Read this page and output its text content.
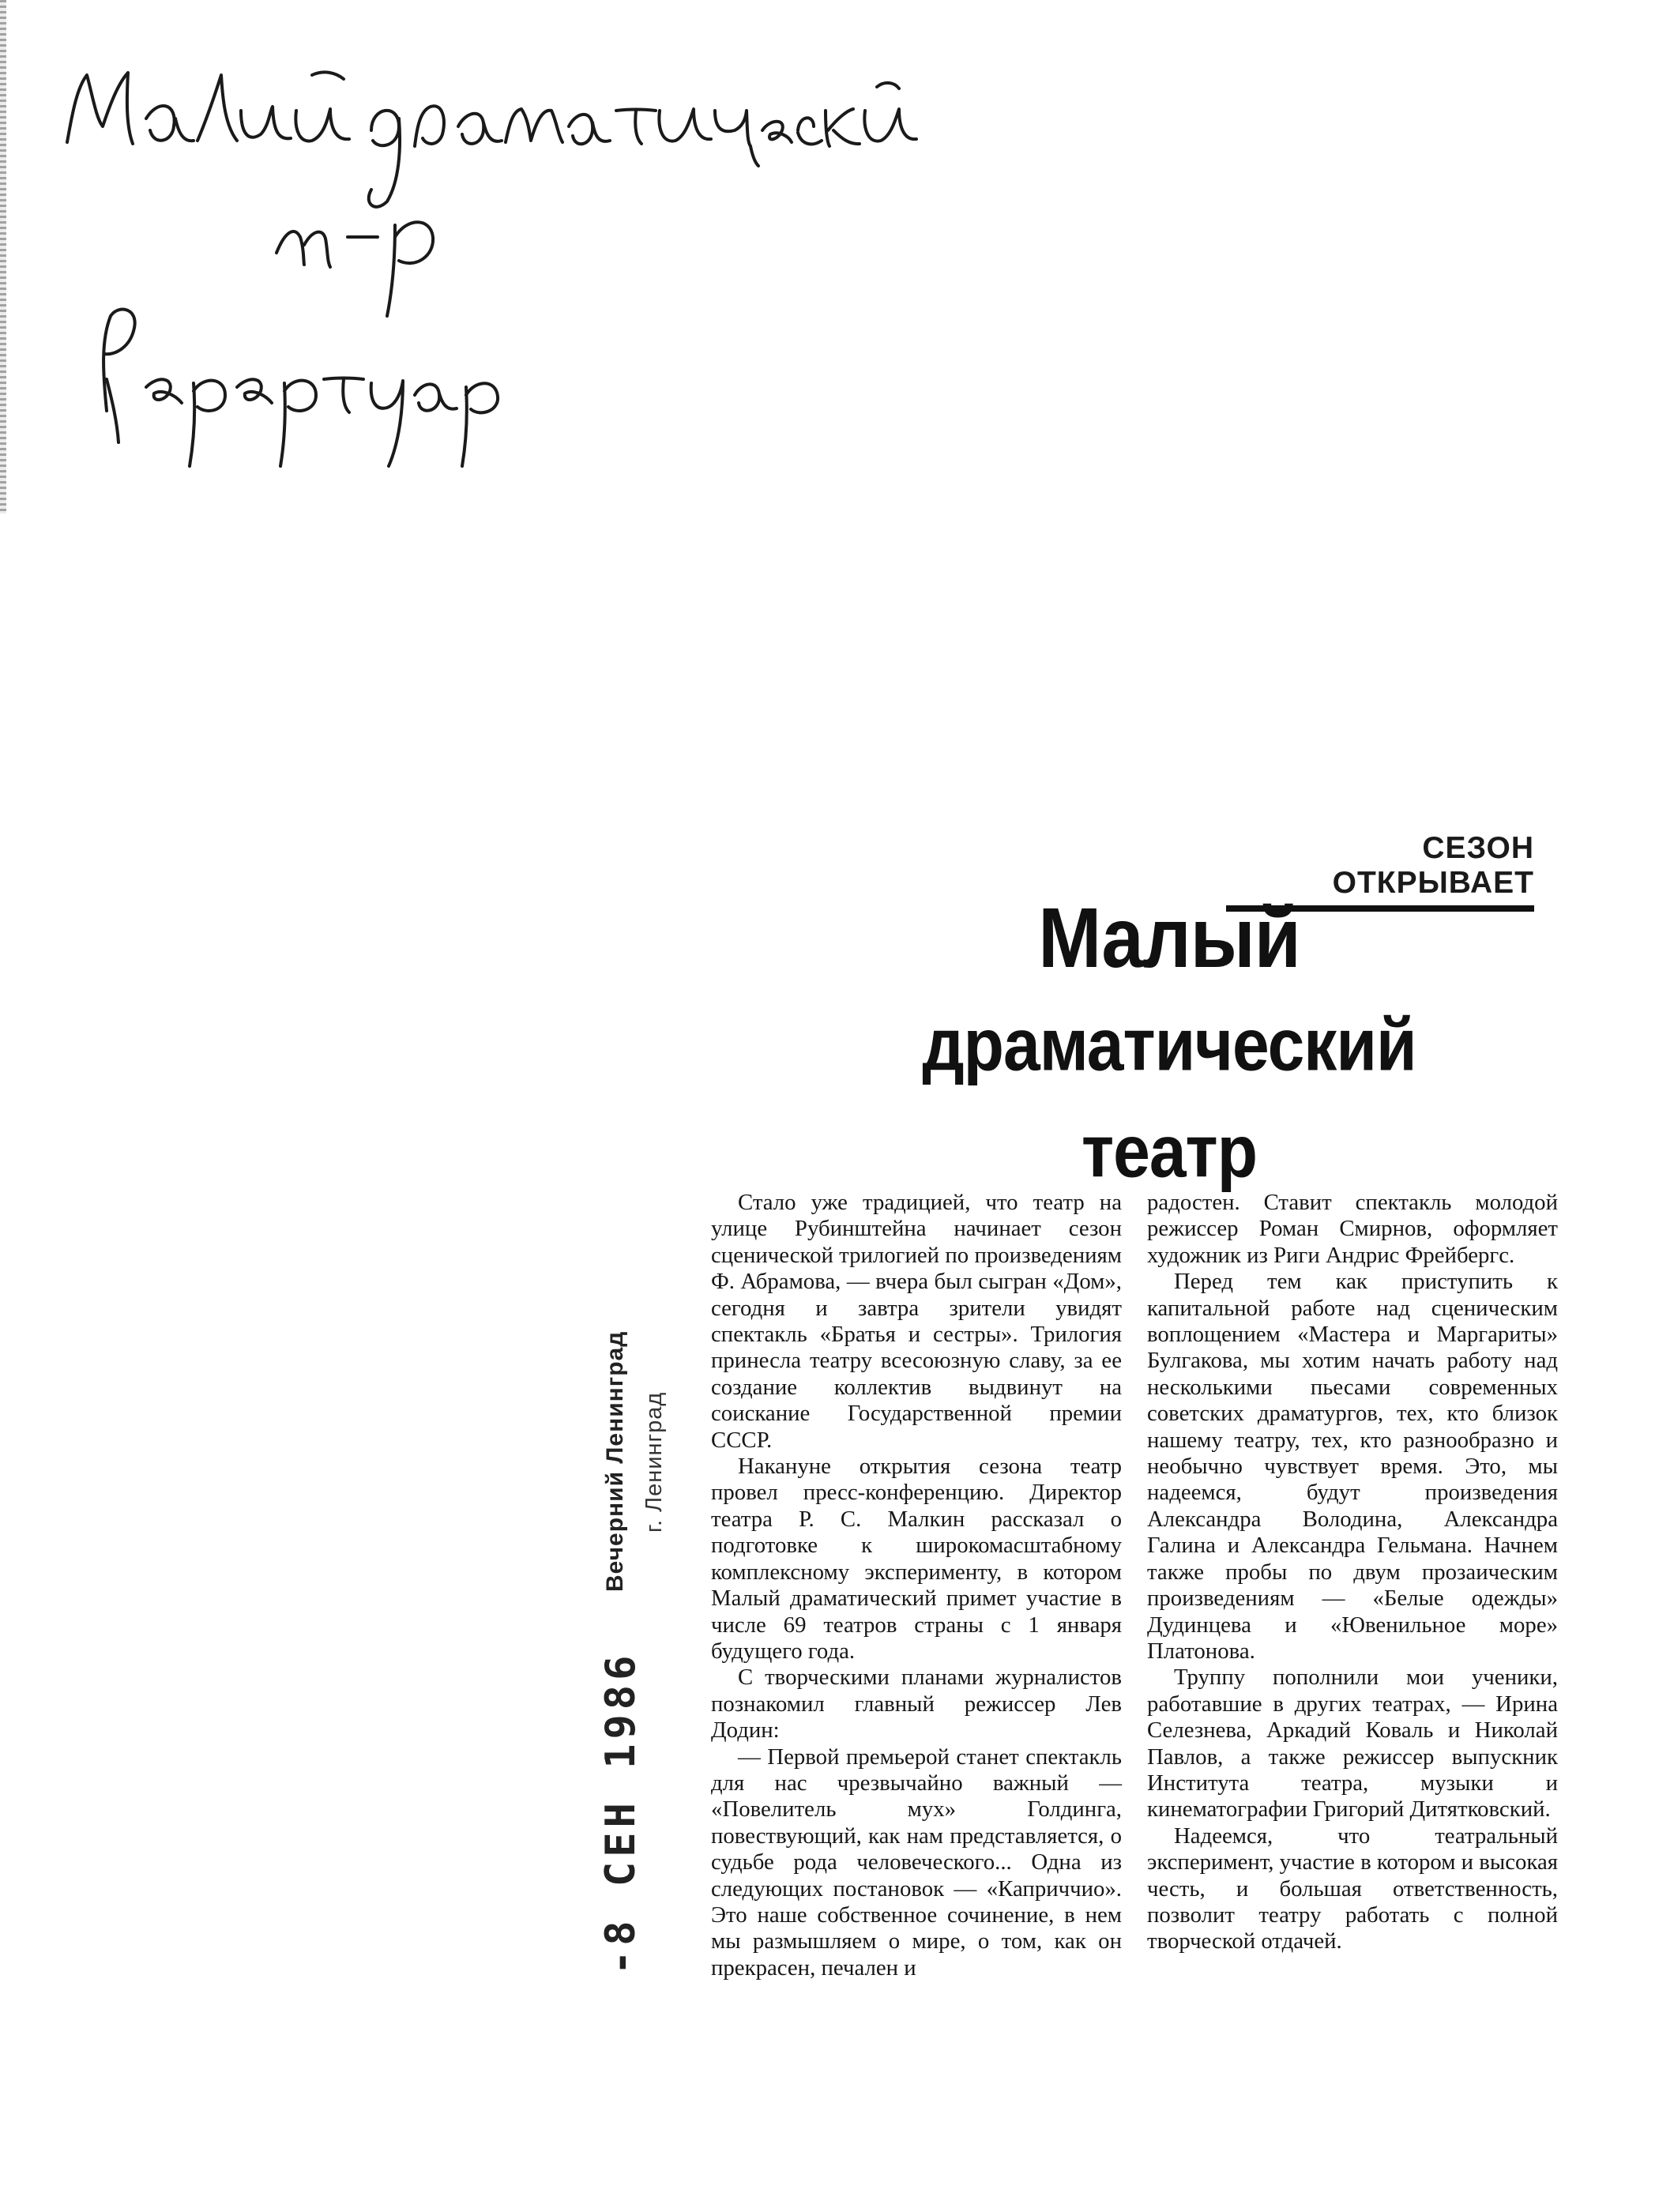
-8 СЕН 1986
Вечерний Ленинград г. Ленинград
СЕЗОН ОТКРЫВАЕТ
Малый
драматический
театр

Стало уже традицией, что театр на улице Рубинштейна начинает сезон сценической трилогией по произведениям Ф. Абрамова, — вчера был сыгран «Дом», сегодня и завтра зрители увидят спектакль «Братья и сестры». Трилогия принесла театру всесоюзную славу, за ее создание коллектив выдвинут на соискание Государственной премии СССР.

Накануне открытия сезона театр провел пресс-конференцию. Директор театра Р. С. Малкин рассказал о подготовке к широкомасштабному комплексному эксперименту, в котором Малый драматический примет участие в числе 69 театров страны с 1 января будущего года.

С творческими планами журналистов познакомил главный режиссер Лев Додин:

— Первой премьерой станет спектакль для нас чрезвычайно важный — «Повелитель мух» Голдинга, повествующий, как нам представляется, о судьбе рода человеческого... Одна из следующих постановок — «Каприччио». Это наше собственное сочинение, в нем мы размышляем о мире, о том, как он прекрасен, печален и

радостен. Ставит спектакль молодой режиссер Роман Смирнов, оформляет художник из Риги Андрис Фрейбергс.

Перед тем как приступить к капитальной работе над сценическим воплощением «Мастера и Маргариты» Булгакова, мы хотим начать работу над несколькими пьесами современных советских драматургов, тех, кто близок нашему театру, тех, кто разнообразно и необычно чувствует время. Это, мы надеемся, будут произведения Александра Володина, Александра Галина и Александра Гельмана. Начнем также пробы по двум прозаическим произведениям — «Белые одежды» Дудинцева и «Ювенильное море» Платонова.

Труппу пополнили мои ученики, работавшие в других театрах, — Ирина Селезнева, Аркадий Коваль и Николай Павлов, а также режиссер выпускник Института театра, музыки и кинематографии Григорий Дитятковский.

Надеемся, что театральный эксперимент, участие в котором и высокая честь, и большая ответственность, позволит театру работать с полной творческой отдачей.
